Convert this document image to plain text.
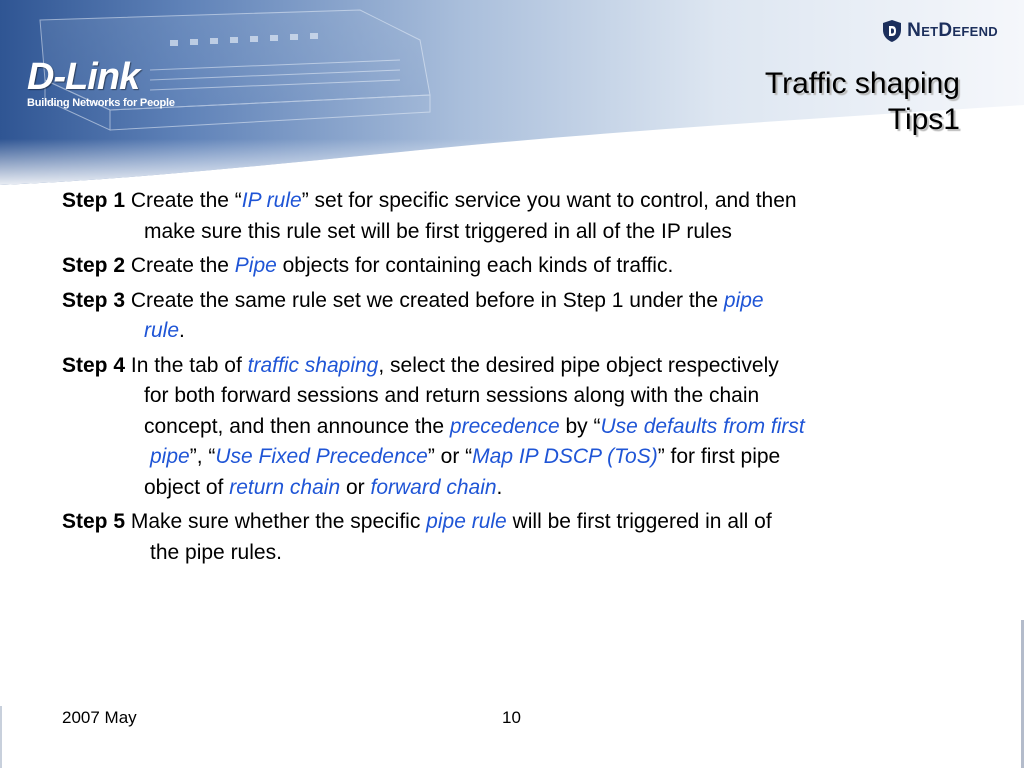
D-Link
Building Networks for People
NetDefend
Traffic shaping
Tips1
Step 1 Create the “IP rule” set for specific service you want to control, and then
make sure this rule set will be first triggered in all of the IP rules
Step 2 Create the Pipe objects for containing each kinds of traffic.
Step 3 Create the same rule set we created before in Step 1 under the pipe
rule.
Step 4 In the tab of traffic shaping, select the desired pipe object respectively
for both forward sessions and return sessions along with the chain
concept, and then announce the precedence by “Use defaults from first
pipe”, “Use Fixed Precedence” or “Map IP DSCP (ToS)” for first pipe
object of return chain or forward chain.
Step 5 Make sure whether the specific pipe rule will be first triggered in all of
the pipe rules.
2007 May	10
